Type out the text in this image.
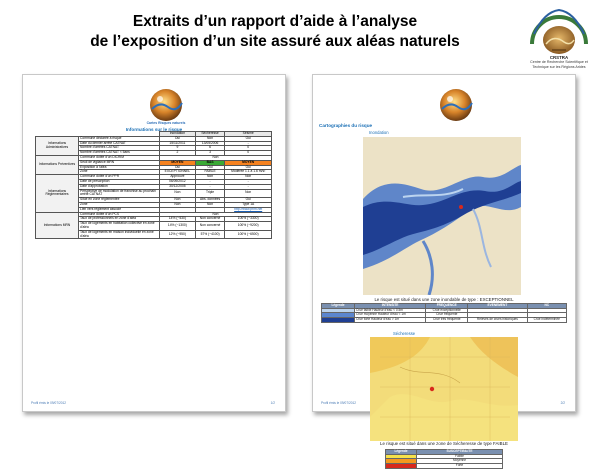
Extraits d’un rapport d’aide à l’analyse
de l’exposition d’un site assuré aux aléas naturels
CRSTRA
Centre de Recherche Scientifique et Technique sur les Régions Arides
Cartes Risques naturels
Informations sur le risque
		Inondation	Sécheresse	Séisme
Informations Administratives	Commune déclarée à risque	Oui	Non	Oui
	Date du dernier arrêté CATNAT	15/11/2011	13/05/2006	-
	Nombre d'arrêtés CATNAT	9	6	0
	Nombre d'arrêtés CATNAT < 5ans	2	3	0
Informations Préventives	Commune dotée d'un DICRIM	Non		
	Seuil de vigilance MRN	MOYEN	BAS	MOYEN
	Exposition à l'aléa	Oui	Oui	Oui
	Zone	EXCEPTIONNEL	FAIBLE	Modérée 1.1 à 1.6 m/s²
Informations Réglementaires	Commune dotée d'un PPR	Approuvé	Non	Non
	Date de prescription	06/09/2012	-	-
	Date d'approbation	30/12/2005	-	-
	Perspective de modulation de franchise au prochain arrêté CATNAT	Non	Triple	Non
	Situé en zone réglementée	Non	Abs. données	Oui
	Zone	Non	Non	Type 1A
	Lien vers règlement associé			http://www.prim.net
Informations MRN	Commune dotée d'un PCS	Non		
	Taux de professionnels en zone d'aléa	14% (~530)	Non concerné	100% (~3300)
	Taux de logements en habitation collective en zone d'aléa	14% (~1300)	Non concerné	100% (~9200)
	Taux de logements en maison individuelle en zone d'aléa	12% (~950)	57% (~4100)	100% (~6500)
Profil émis le 09/07/2012	1/2
Cartographies du risque
Inondation
Le risque est situé dans une zone inondable de type : EXCEPTIONNEL
Légende	INTENSITE	FREQUENCE	EVENEMENT	NC
	Crue faible Hauteur d'eau < 0.5m	Crue exceptionnelle		
	Crue moyenne Hauteur d'eau < 1m	Crue fréquente		
	Crue forte Hauteur d'eau > 1m	Crue très fréquente	Relevés de crues historiques	Crue indéterminée
Sécheresse
Le risque est situé dans une zone de Sécheresse de type FAIBLE
Légende	SUSCEPTIBILITE
	Faible
	Moyenne
	Forte
Profil émis le 09/07/2012	2/2
